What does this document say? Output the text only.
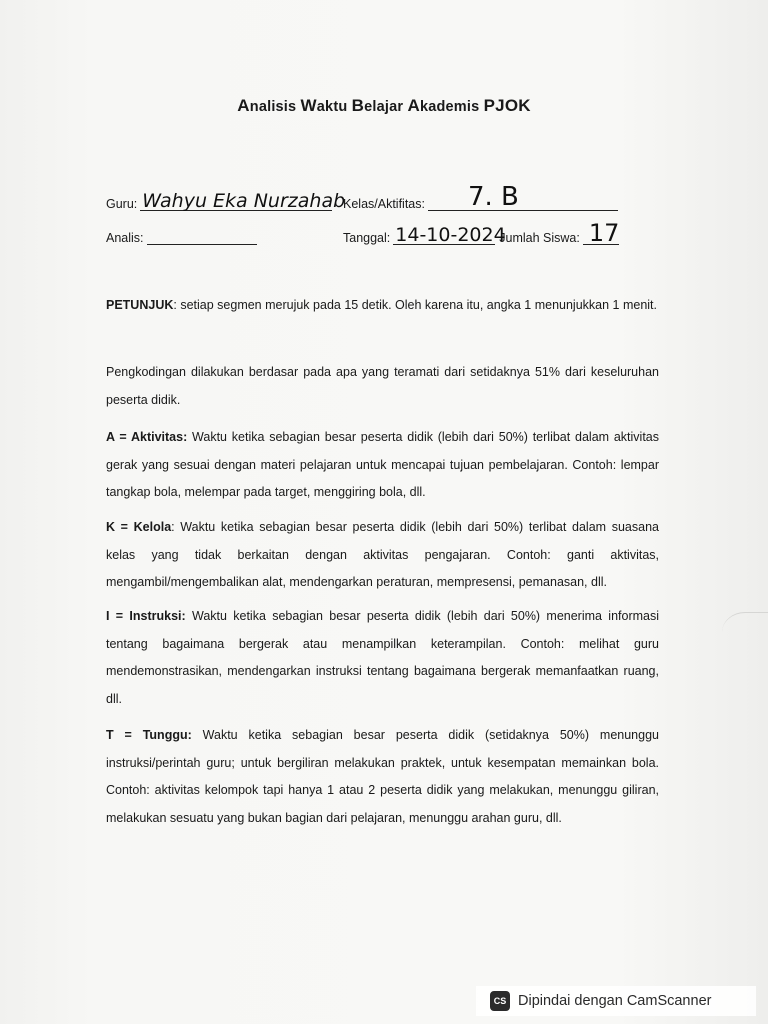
Analisis Waktu Belajar Akademis PJOK
Guru: Wahyu Eka Nurzahab
Kelas/Aktifitas: 7. B
Analis:	Tanggal: 14-10-2024
Jumlah Siswa: 17
PETUNJUK: setiap segmen merujuk pada 15 detik. Oleh karena itu, angka 1 menunjukkan 1 menit.
Pengkodingan dilakukan berdasar pada apa yang teramati dari setidaknya 51% dari keseluruhan peserta didik.
A = Aktivitas: Waktu ketika sebagian besar peserta didik (lebih dari 50%) terlibat dalam aktivitas gerak yang sesuai dengan materi pelajaran untuk mencapai tujuan pembelajaran. Contoh: lempar tangkap bola, melempar pada target, menggiring bola, dll.
K = Kelola: Waktu ketika sebagian besar peserta didik (lebih dari 50%) terlibat dalam suasana kelas yang tidak berkaitan dengan aktivitas pengajaran. Contoh: ganti aktivitas, mengambil/mengembalikan alat, mendengarkan peraturan, mempresensi, pemanasan, dll.
I = Instruksi: Waktu ketika sebagian besar peserta didik (lebih dari 50%) menerima informasi tentang bagaimana bergerak atau menampilkan keterampilan. Contoh: melihat guru mendemonstrasikan, mendengarkan instruksi tentang bagaimana bergerak memanfaatkan ruang, dll.
T = Tunggu: Waktu ketika sebagian besar peserta didik (setidaknya 50%) menunggu instruksi/perintah guru; untuk bergiliran melakukan praktek, untuk kesempatan memainkan bola. Contoh: aktivitas kelompok tapi hanya 1 atau 2 peserta didik yang melakukan, menunggu giliran, melakukan sesuatu yang bukan bagian dari pelajaran, menunggu arahan guru, dll.
CS Dipindai dengan CamScanner
